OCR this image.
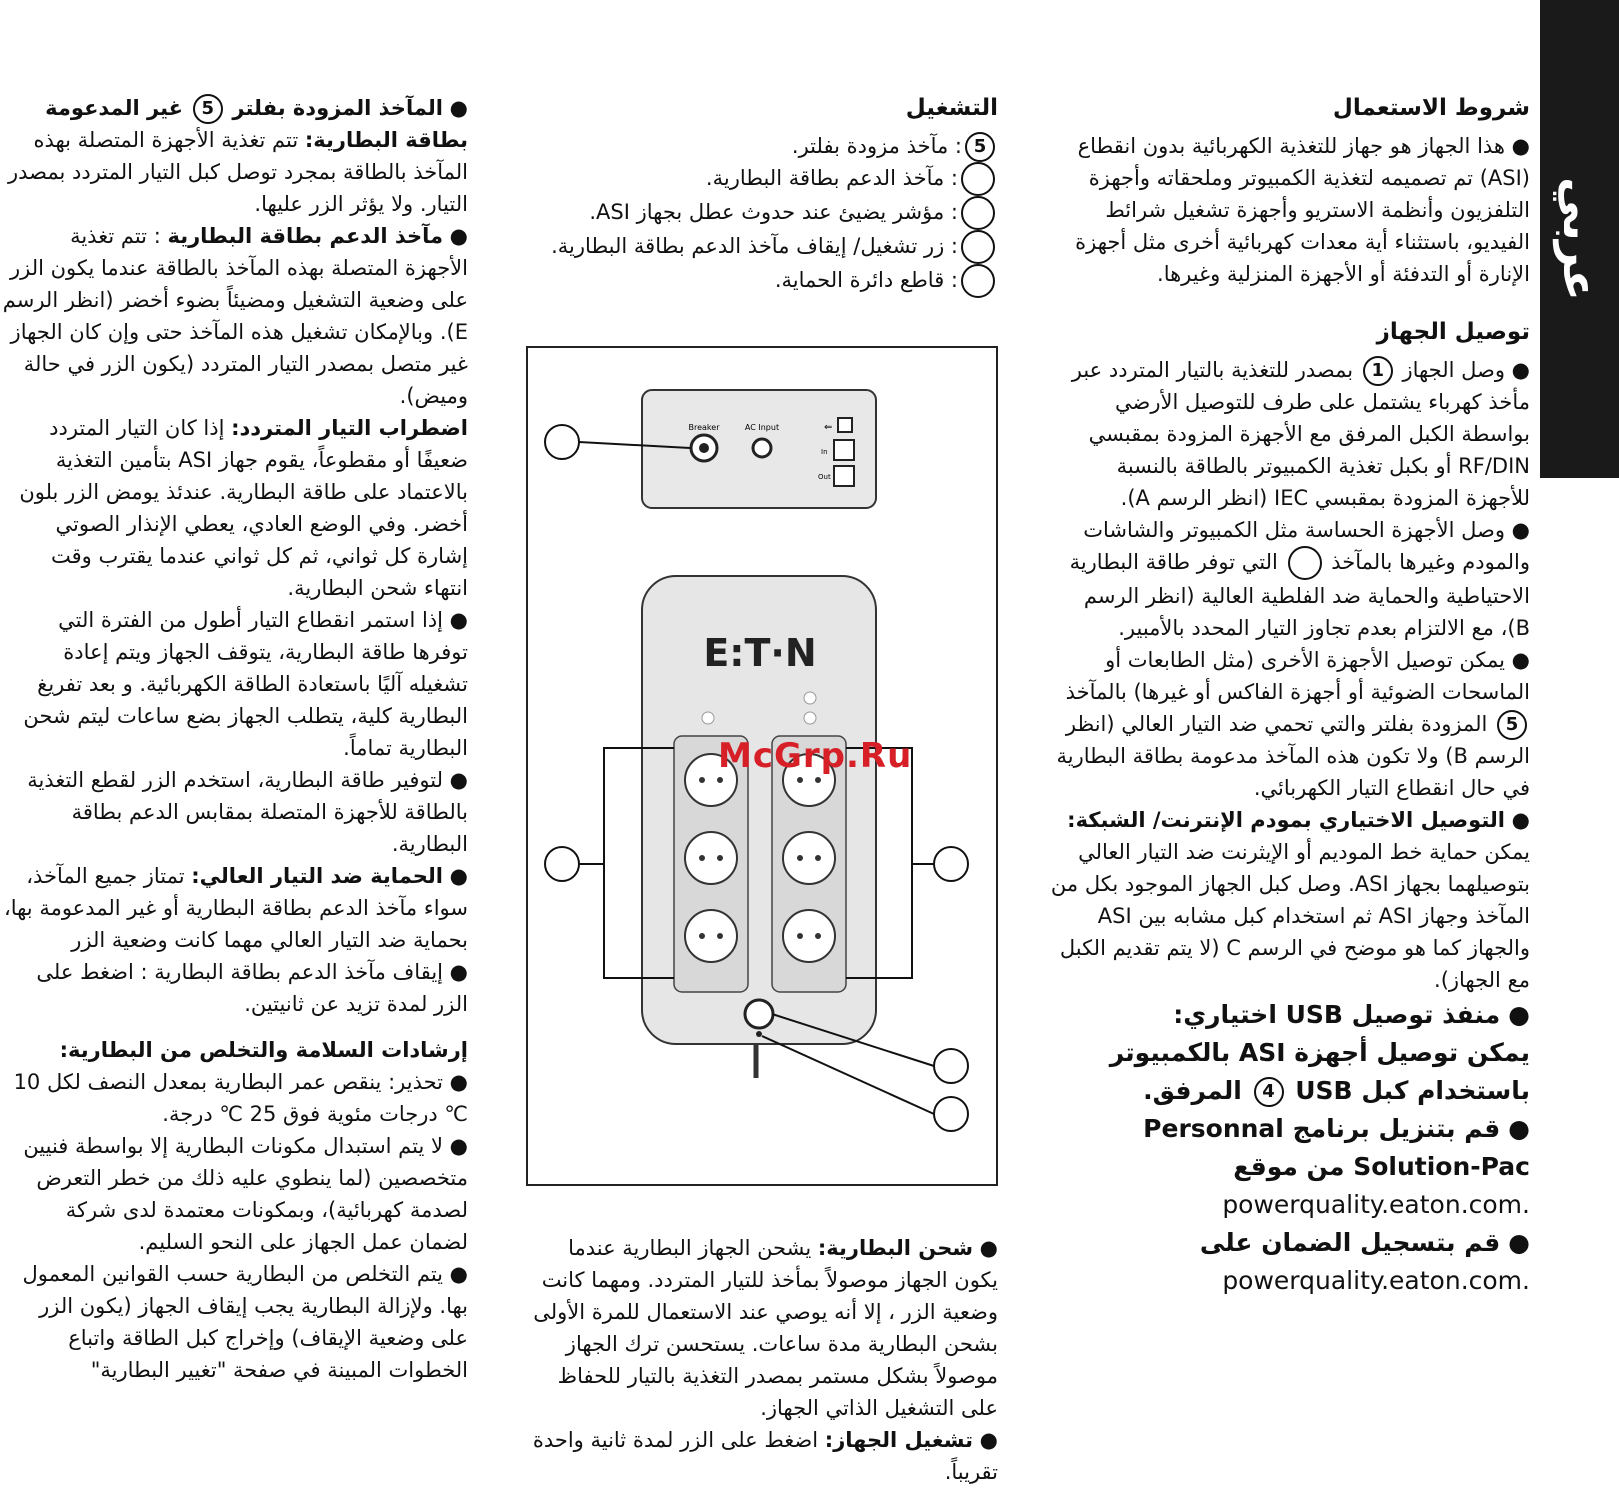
عربي

شروط الاستعمال

● هذا الجهاز هو جهاز للتغذية الكهربائية بدون انقطاع (ASI) تم تصميمه لتغذية الكمبيوتر وملحقاته وأجهزة التلفزيون وأنظمة الاستريو وأجهزة تشغيل شرائط الفيديو، باستثناء أية معدات كهربائية أخرى مثل أجهزة الإنارة أو التدفئة أو الأجهزة المنزلية وغيرها.

توصيل الجهاز

● وصل الجهاز 1 بمصدر للتغذية بالتيار المتردد عبر مأخذ كهرباء يشتمل على طرف للتوصيل الأرضي بواسطة الكبل المرفق مع الأجهزة المزودة بمقبسي RF/DIN أو بكبل تغذية الكمبيوتر بالطاقة بالنسبة للأجهزة المزودة بمقبسي IEC (انظر الرسم A).

● وصل الأجهزة الحساسة مثل الكمبيوتر والشاشات والمودم وغيرها بالمآخذ  التي توفر طاقة البطارية الاحتياطية والحماية ضد الفلطية العالية (انظر الرسم B)، مع الالتزام بعدم تجاوز التيار المحدد بالأمبير.

● يمكن توصيل الأجهزة الأخرى (مثل الطابعات أو الماسحات الضوئية أو أجهزة الفاكس أو غيرها) بالمآخذ 5 المزودة بفلتر والتي تحمي ضد التيار العالي (انظر الرسم B) ولا تكون هذه المآخذ مدعومة بطاقة البطارية في حال انقطاع التيار الكهربائي.

● التوصيل الاختياري بمودم الإنترنت/ الشبكة:

يمكن حماية خط الموديم أو الإيثرنت ضد التيار العالي بتوصيلهما بجهاز ASI. وصل كبل الجهاز الموجود بكل من المآخذ وجهاز ASI ثم استخدام كبل مشابه بين ASI والجهاز كما هو موضح في الرسم C (لا يتم تقديم الكبل مع الجهاز).

● منفذ توصيل USB اختياري:

يمكن توصيل أجهزة ASI بالكمبيوتر باستخدام كبل USB 4 المرفق.

● قم بتنزيل برنامج Personnal Solution-Pac من موقع

.powerquality.eaton.com

● قم بتسجيل الضمان على

.powerquality.eaton.com

التشغيل

5: مآخذ مزودة بفلتر.

: مآخذ الدعم بطاقة البطارية.

: مؤشر يضيئ عند حدوث عطل بجهاز ASI.

: زر تشغيل/ إيقاف مآخذ الدعم بطاقة البطارية.

: قاطع دائرة الحماية.

Breaker	AC Input	⇐
In
Out
E:T·N
McGrp.Ru

● شحن البطارية: يشحن الجهاز البطارية عندما يكون الجهاز موصولاً بمأخذ للتيار المتردد. ومهما كانت وضعية الزر ، إلا أنه يوصي عند الاستعمال للمرة الأولى بشحن البطارية مدة ساعات. يستحسن ترك الجهاز موصولاً بشكل مستمر بمصدر التغذية بالتيار للحفاظ على التشغيل الذاتي الجهاز.

● تشغيل الجهاز: اضغط على الزر لمدة ثانية واحدة تقريباً.

● المآخذ المزودة بفلتر 5 غير المدعومة بطاقة البطارية: تتم تغذية الأجهزة المتصلة بهذه المآخذ بالطاقة بمجرد توصل كبل التيار المتردد بمصدر التيار. ولا يؤثر الزر عليها.

● مآخذ الدعم بطاقة البطارية : تتم تغذية الأجهزة المتصلة بهذه المآخذ بالطاقة عندما يكون الزر على وضعية التشغيل ومضيئاً بضوء أخضر (انظر الرسم E). وبالإمكان تشغيل هذه المآخذ حتى وإن كان الجهاز غير متصل بمصدر التيار المتردد (يكون الزر في حالة وميض).

اضطراب التيار المتردد: إذا كان التيار المتردد ضعيفًا أو مقطوعاً، يقوم جهاز ASI بتأمين التغذية بالاعتماد على طاقة البطارية. عندئذ يومض الزر بلون أخضر. وفي الوضع العادي، يعطي الإنذار الصوتي إشارة كل ثواني، ثم كل ثواني عندما يقترب وقت انتهاء شحن البطارية.

● إذا استمر انقطاع التيار أطول من الفترة التي توفرها طاقة البطارية، يتوقف الجهاز ويتم إعادة تشغيله آليًا باستعادة الطاقة الكهربائية. و بعد تفريغ البطارية كلية، يتطلب الجهاز بضع ساعات ليتم شحن البطارية تماماً.

● لتوفير طاقة البطارية، استخدم الزر لقطع التغذية بالطاقة للأجهزة المتصلة بمقابس الدعم بطاقة البطارية.

● الحماية ضد التيار العالي: تمتاز جميع المآخذ، سواء مآخذ الدعم بطاقة البطارية أو غير المدعومة بها، بحماية ضد التيار العالي مهما كانت وضعية الزر

● إيقاف مآخذ الدعم بطاقة البطارية : اضغط على الزر لمدة تزيد عن ثانيتين.

إرشادات السلامة والتخلص من البطارية:

● تحذير: ينقص عمر البطارية بمعدل النصف لكل 10 ℃ درجات مئوية فوق 25 ℃ درجة.

● لا يتم استبدال مكونات البطارية إلا بواسطة فنيين متخصصين (لما ينطوي عليه ذلك من خطر التعرض لصدمة كهربائية)، وبمكونات معتمدة لدى شركة لضمان عمل الجهاز على النحو السليم.

● يتم التخلص من البطارية حسب القوانين المعمول بها. ولإزالة البطارية يجب إيقاف الجهاز (يكون الزر على وضعية الإيقاف) وإخراج كبل الطاقة واتباع الخطوات المبينة في صفحة "تغيير البطارية"
